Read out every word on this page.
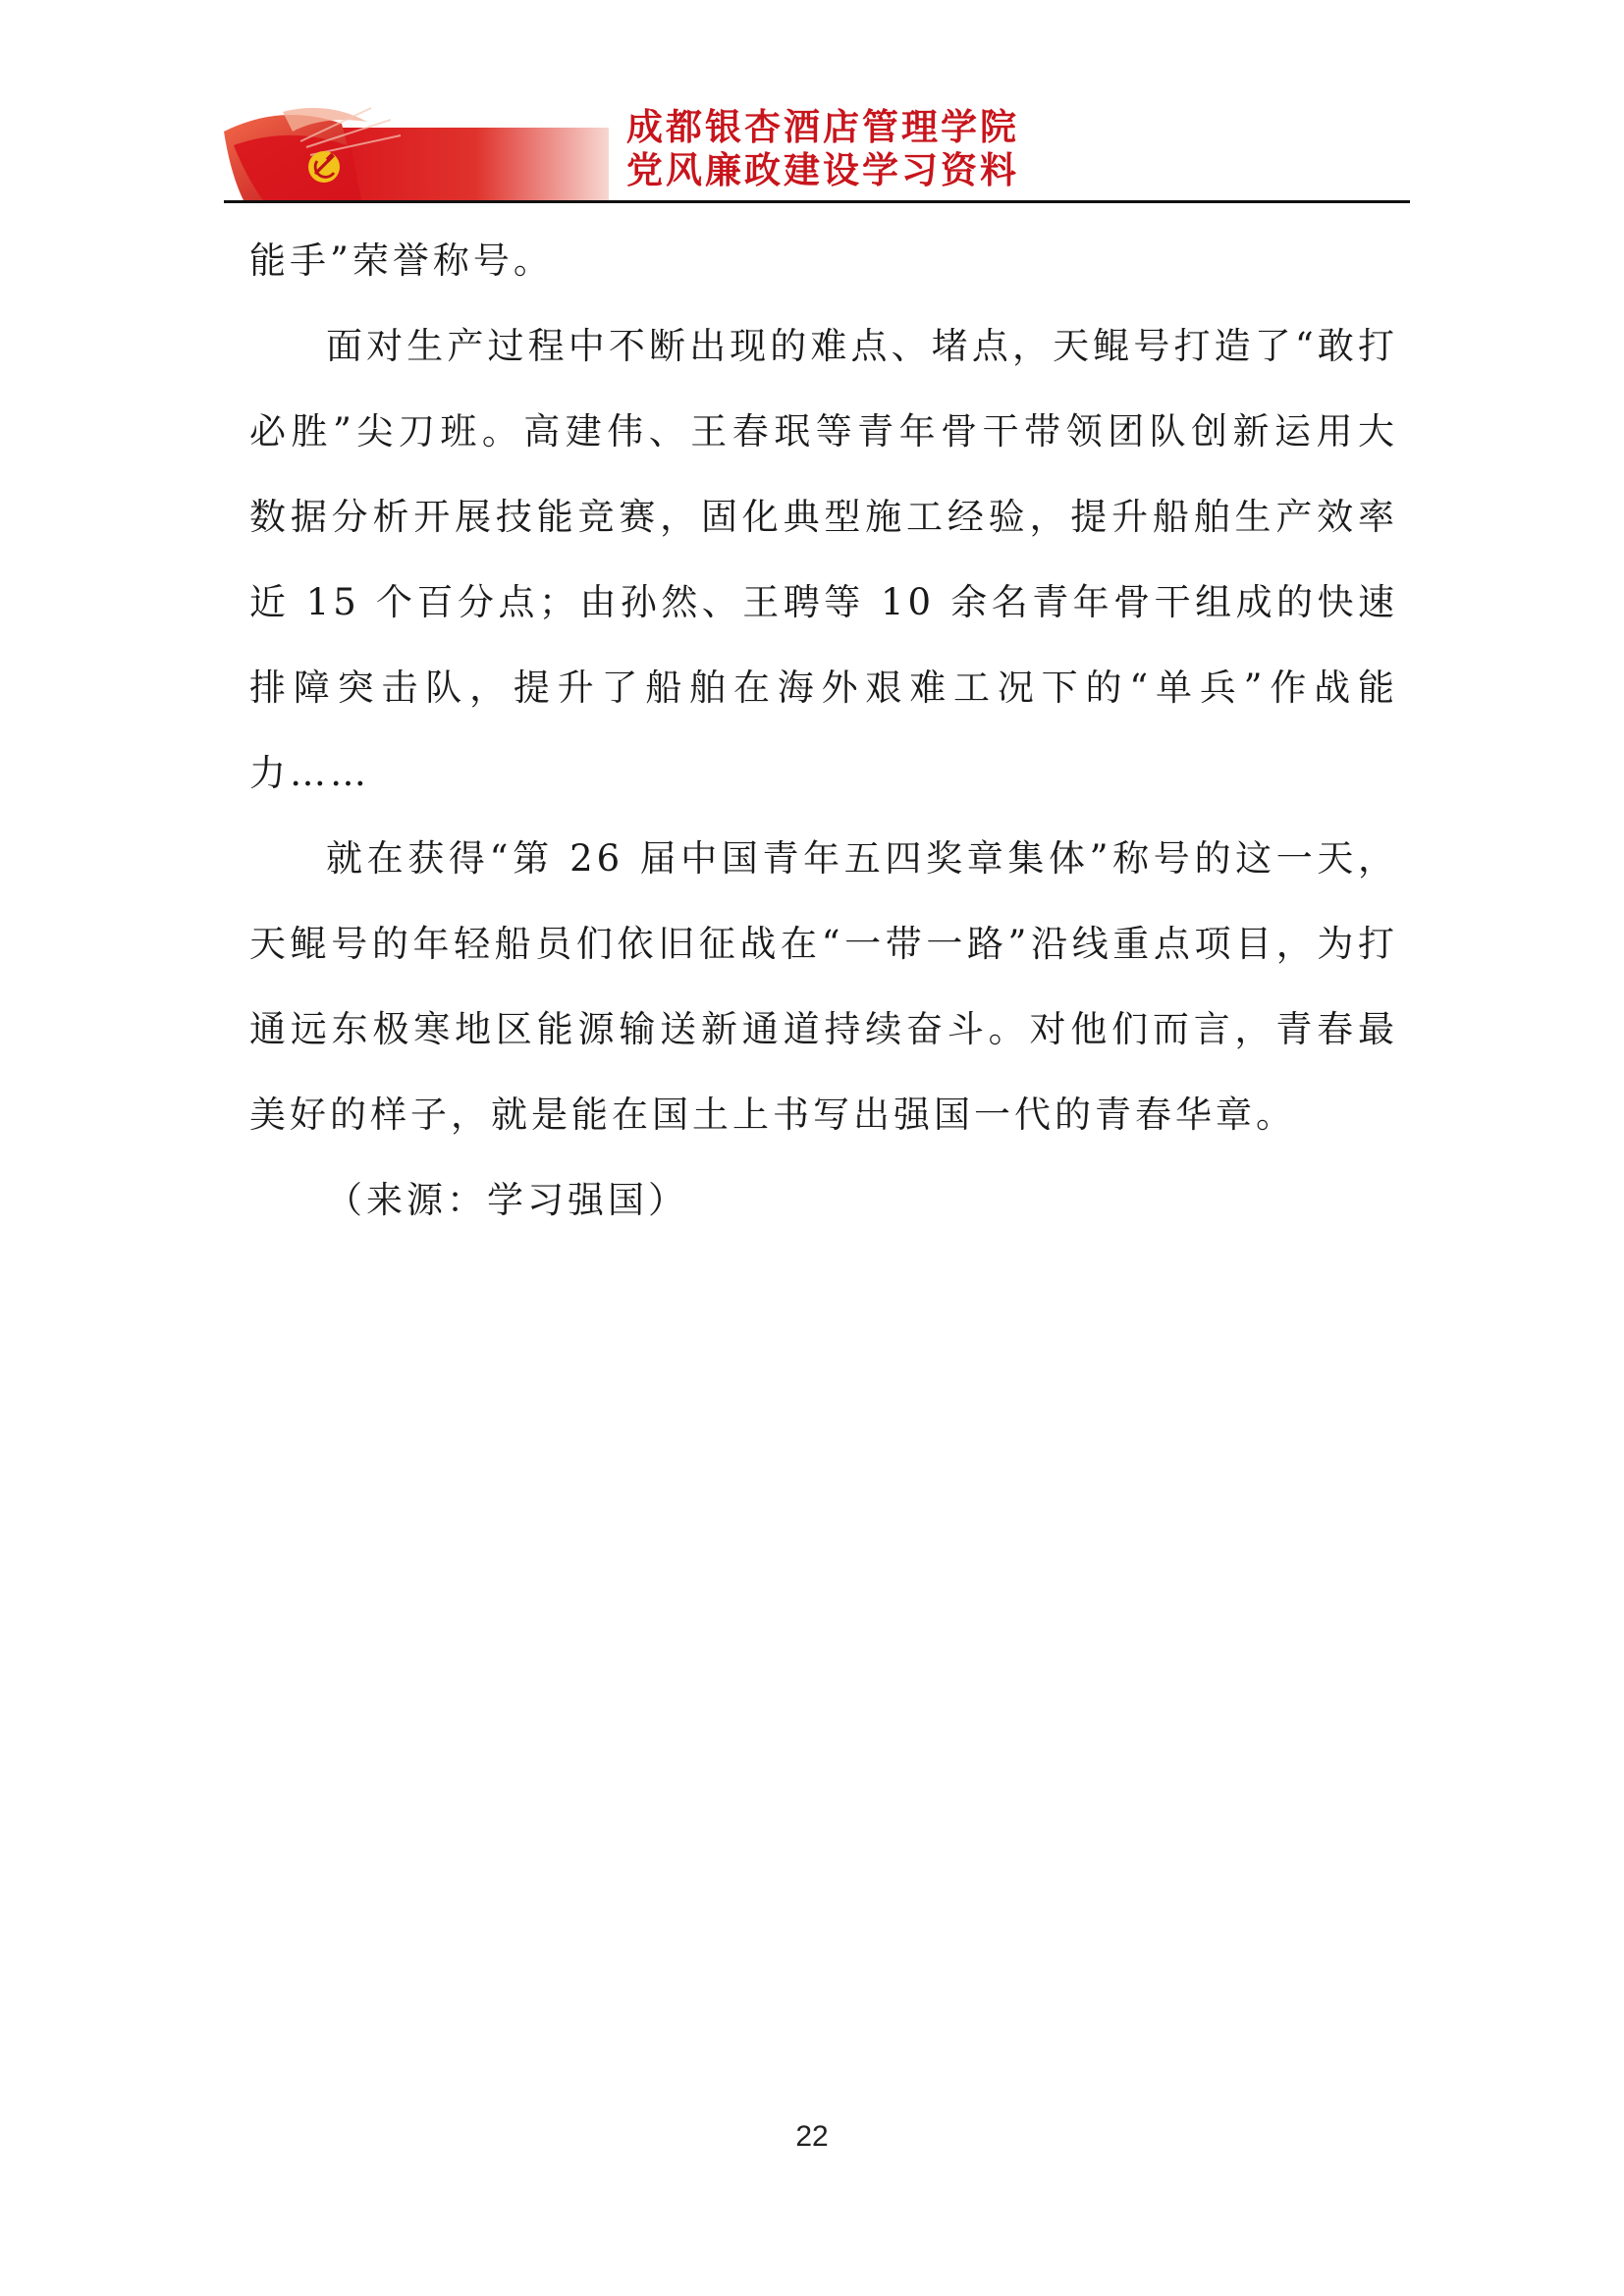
成都银杏酒店管理学院
党风廉政建设学习资料

能手”荣誉称号。

面对生产过程中不断出现的难点、堵点，天鲲号打造了“敢打必胜”尖刀班。高建伟、王春珉等青年骨干带领团队创新运用大数据分析开展技能竞赛，固化典型施工经验，提升船舶生产效率近 15 个百分点；由孙然、王聘等 10 余名青年骨干组成的快速排障突击队，提升了船舶在海外艰难工况下的“单兵”作战能力……

就在获得“第 26 届中国青年五四奖章集体”称号的这一天，天鲲号的年轻船员们依旧征战在“一带一路”沿线重点项目，为打通远东极寒地区能源输送新通道持续奋斗。对他们而言，青春最美好的样子，就是能在国土上书写出强国一代的青春华章。

（来源：学习强国）

22
